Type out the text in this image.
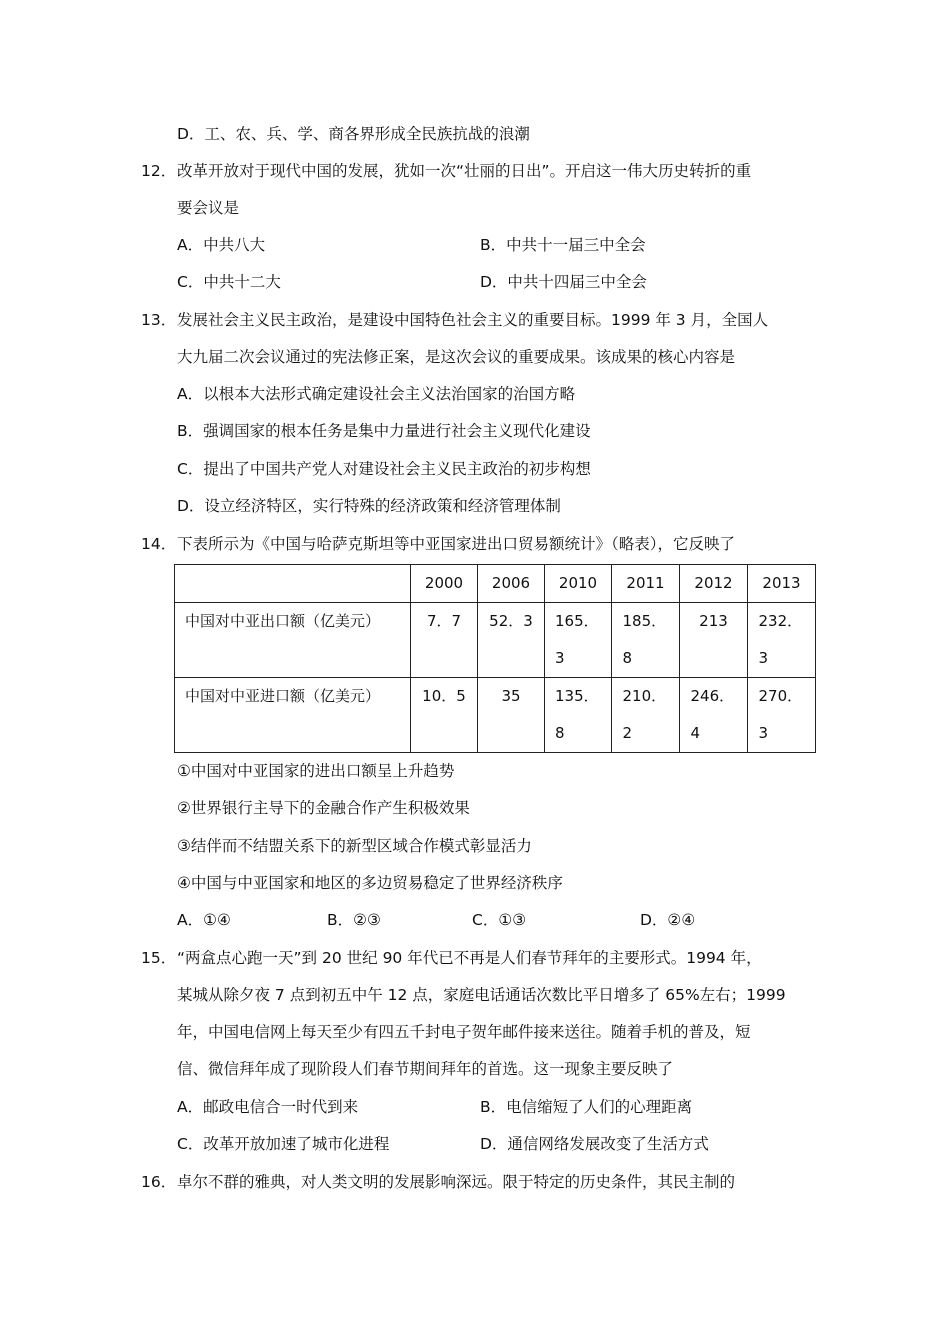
D．工、农、兵、学、商各界形成全民族抗战的浪潮
12． 改革开放对于现代中国的发展，犹如一次“壮丽的日出”。开启这一伟大历史转折的重
要会议是
A．中共八大	B．中共十一届三中全会
C．中共十二大	D．中共十四届三中全会
13． 发展社会主义民主政治，是建设中国特色社会主义的重要目标。1999 年 3 月，全国人
大九届二次会议通过的宪法修正案，是这次会议的重要成果。该成果的核心内容是
A．以根本大法形式确定建设社会主义法治国家的治国方略
B．强调国家的根本任务是集中力量进行社会主义现代化建设
C．提出了中国共产党人对建设社会主义民主政治的初步构想
D．设立经济特区，实行特殊的经济政策和经济管理体制
14． 下表所示为《中国与哈萨克斯坦等中亚国家进出口贸易额统计》（略表），它反映了
	2000	2006	2010	2011	2012	2013
中国对中亚出口额（亿美元）	7．7	52．3	165．3	185．8	213	232．3

中国对中亚进口额（亿美元）	10．5	35	135．8	210．2	246．4	270．3
①中国对中亚国家的进出口额呈上升趋势
②世界银行主导下的金融合作产生积极效果
③结伴而不结盟关系下的新型区域合作模式彰显活力
④中国与中亚国家和地区的多边贸易稳定了世界经济秩序
A．①④	B．②③	C．①③	D．②④
15． “两盒点心跑一天”到 20 世纪 90 年代已不再是人们春节拜年的主要形式。1994 年，
某城从除夕夜 7 点到初五中午 12 点，家庭电话通话次数比平日增多了 65%左右；1999
年，中国电信网上每天至少有四五千封电子贺年邮件接来送往。随着手机的普及，短
信、微信拜年成了现阶段人们春节期间拜年的首选。这一现象主要反映了
A．邮政电信合一时代到来	B．电信缩短了人们的心理距离
C．改革开放加速了城市化进程	D．通信网络发展改变了生活方式
16． 卓尔不群的雅典，对人类文明的发展影响深远。限于特定的历史条件，其民主制的
